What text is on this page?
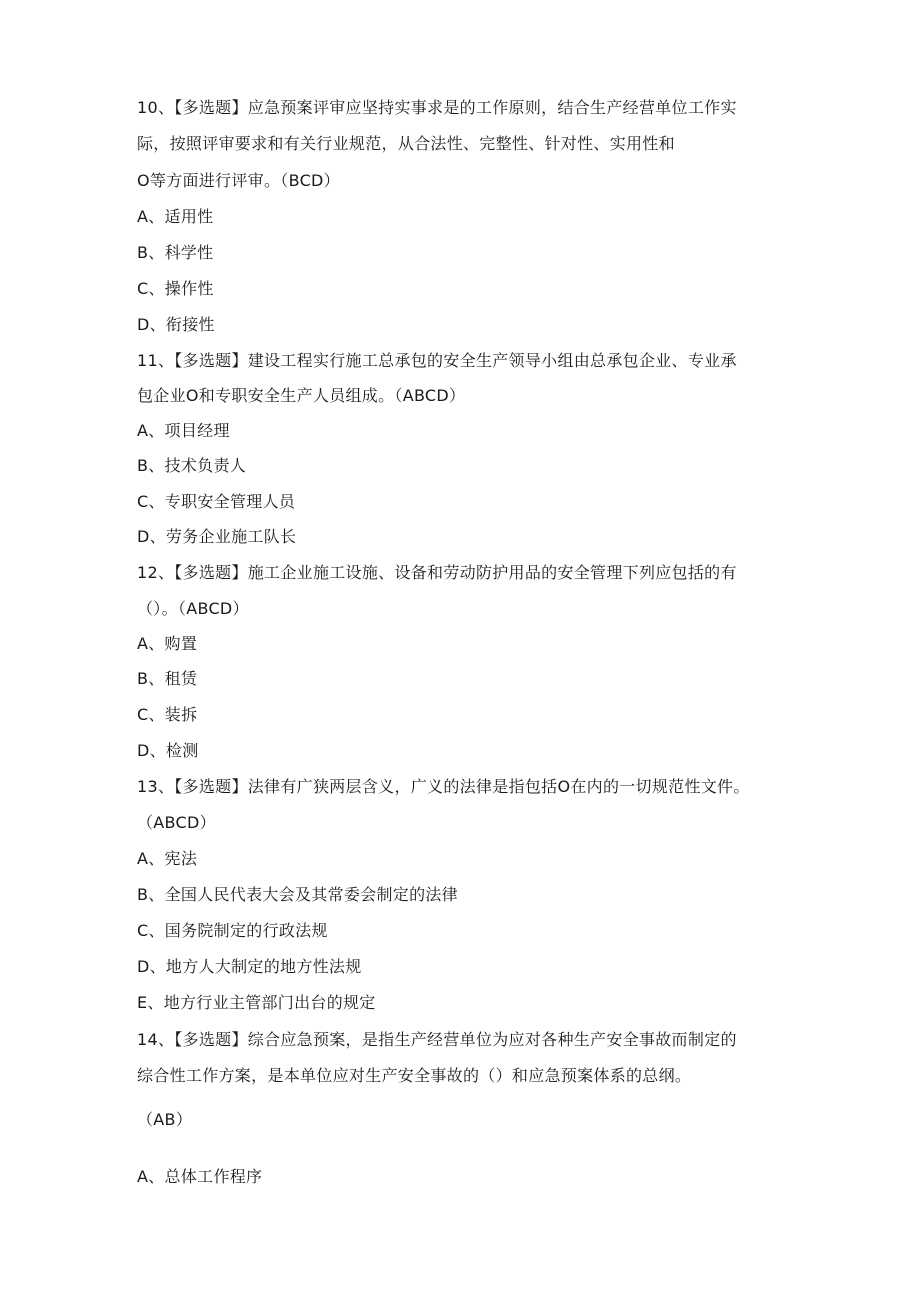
10、【多选题】应急预案评审应坚持实事求是的工作原则，结合生产经营单位工作实
际，按照评审要求和有关行业规范，从合法性、完整性、针对性、实用性和
O等方面进行评审。（BCD）
A、适用性
B、科学性
C、操作性
D、衔接性
11、【多选题】建设工程实行施工总承包的安全生产领导小组由总承包企业、专业承
包企业O和专职安全生产人员组成。（ABCD）
A、项目经理
B、技术负责人
C、专职安全管理人员
D、劳务企业施工队长
12、【多选题】施工企业施工设施、设备和劳动防护用品的安全管理下列应包括的有
（）。（ABCD）
A、购置
B、租赁
C、装拆
D、检测
13、【多选题】法律有广狭两层含义，广义的法律是指包括O在内的一切规范性文件。
（ABCD）
A、宪法
B、全国人民代表大会及其常委会制定的法律
C、国务院制定的行政法规
D、地方人大制定的地方性法规
E、地方行业主管部门出台的规定
14、【多选题】综合应急预案，是指生产经营单位为应对各种生产安全事故而制定的
综合性工作方案，是本单位应对生产安全事故的（）和应急预案体系的总纲。
（AB）
A、总体工作程序
